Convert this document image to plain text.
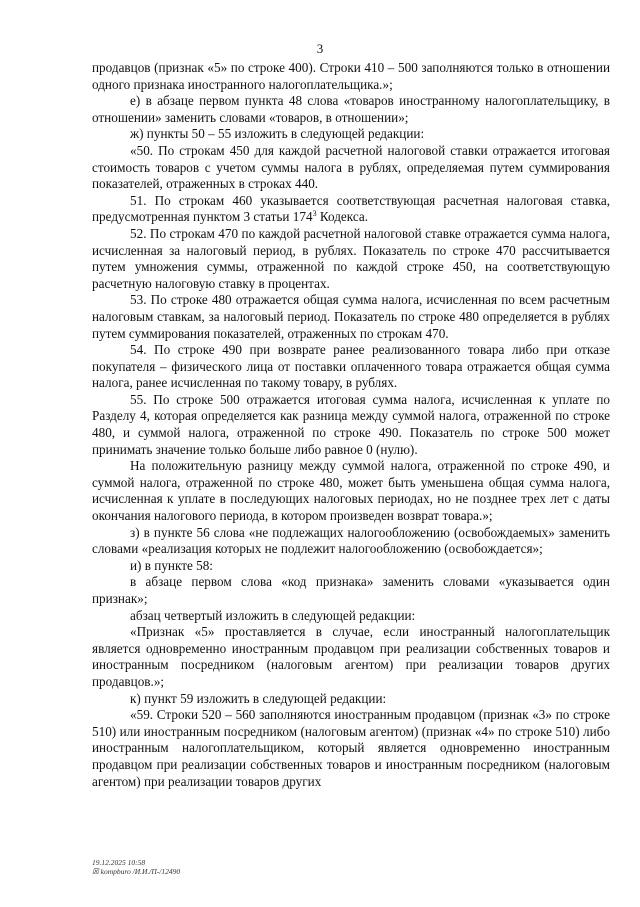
3

продавцов (признак «5» по строке 400). Строки 410 – 500 заполняются только в отношении одного признака иностранного налогоплательщика.»;

е) в абзаце первом пункта 48 слова «товаров иностранному налогоплательщику, в отношении» заменить словами «товаров, в отношении»;

ж) пункты 50 – 55 изложить в следующей редакции:

«50. По строкам 450 для каждой расчетной налоговой ставки отражается итоговая стоимость товаров с учетом суммы налога в рублях, определяемая путем суммирования показателей, отраженных в строках 440.

51. По строкам 460 указывается соответствующая расчетная налоговая ставка, предусмотренная пунктом 3 статьи $174^3$ Кодекса.

52. По строкам 470 по каждой расчетной налоговой ставке отражается сумма налога, исчисленная за налоговый период, в рублях. Показатель по строке 470 рассчитывается путем умножения суммы, отраженной по каждой строке 450, на соответствующую расчетную налоговую ставку в процентах.

53. По строке 480 отражается общая сумма налога, исчисленная по всем расчетным налоговым ставкам, за налоговый период. Показатель по строке 480 определяется в рублях путем суммирования показателей, отраженных по строкам 470.

54. По строке 490 при возврате ранее реализованного товара либо при отказе покупателя – физического лица от поставки оплаченного товара отражается общая сумма налога, ранее исчисленная по такому товару, в рублях.

55. По строке 500 отражается итоговая сумма налога, исчисленная к уплате по Разделу 4, которая определяется как разница между суммой налога, отраженной по строке 480, и суммой налога, отраженной по строке 490. Показатель по строке 500 может принимать значение только больше либо равное 0 (нулю).

На положительную разницу между суммой налога, отраженной по строке 490, и суммой налога, отраженной по строке 480, может быть уменьшена общая сумма налога, исчисленная к уплате в последующих налоговых периодах, но не позднее трех лет с даты окончания налогового периода, в котором произведен возврат товара.»;

з) в пункте 56 слова «не подлежащих налогообложению (освобождаемых» заменить словами «реализация которых не подлежит налогообложению (освобождается»;

и) в пункте 58:

в абзаце первом слова «код признака» заменить словами «указывается один признак»;

абзац четвертый изложить в следующей редакции:

«Признак «5» проставляется в случае, если иностранный налогоплательщик является одновременно иностранным продавцом при реализации собственных товаров и иностранным посредником (налоговым агентом) при реализации товаров других продавцов.»;

к) пункт 59 изложить в следующей редакции:

«59. Строки 520 – 560 заполняются иностранным продавцом (признак «3» по строке 510) или иностранным посредником (налоговым агентом) (признак «4» по строке 510) либо иностранным налогоплательщиком, который является одновременно иностранным продавцом при реализации собственных товаров и иностранным посредником (налоговым агентом) при реализации товаров других

19.12.2025 10:58
☒ kompburo /И.И./П-/12490
